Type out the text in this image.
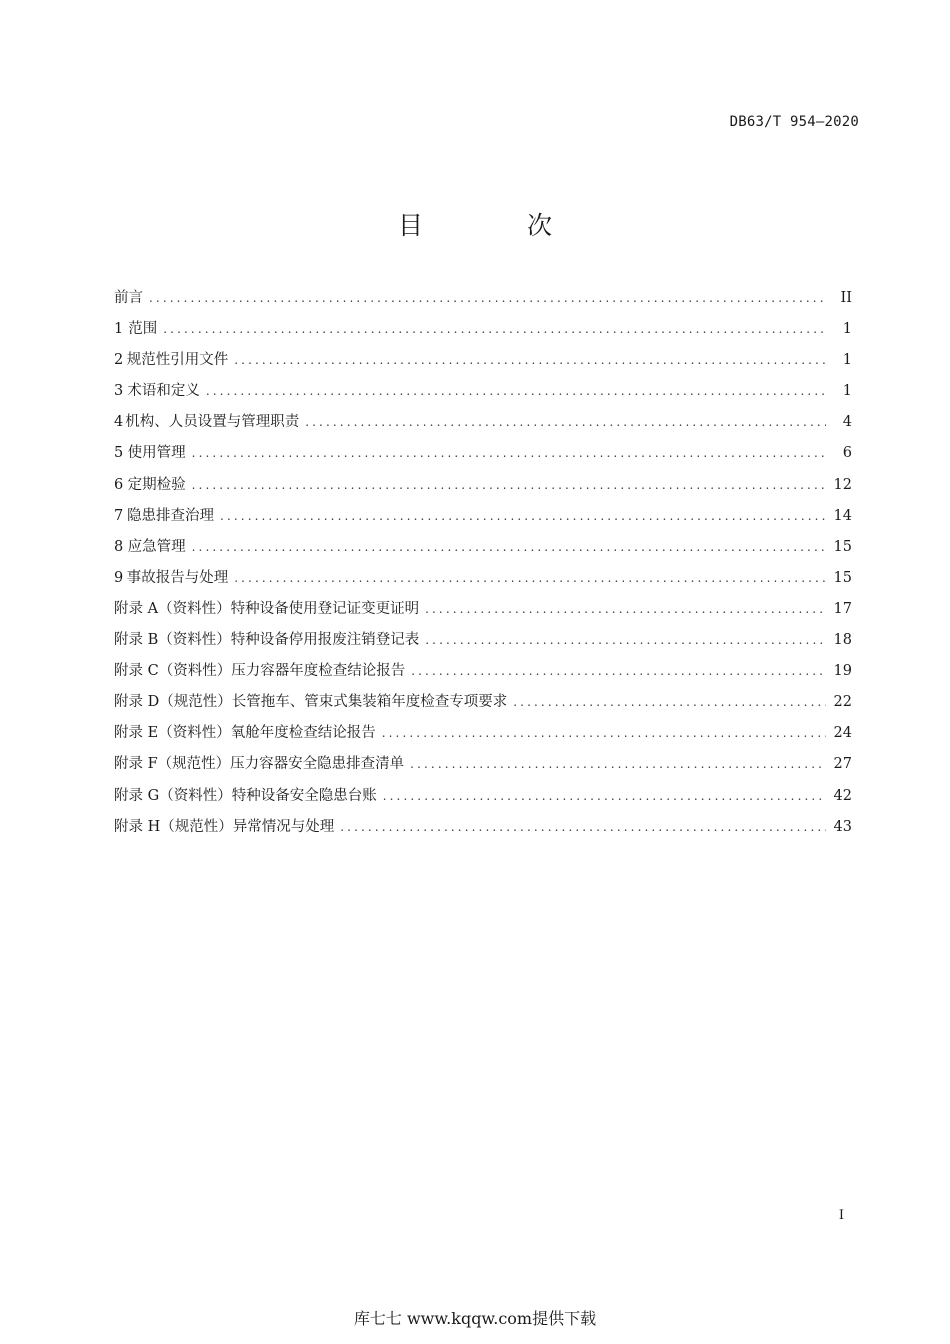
DB63/T 954—2020
目 次
前言 .....	II
1 范围 .....	1
2 规范性引用文件 .....	1
3 术语和定义 .....	1
4 机构、人员设置与管理职责 .....	4
5 使用管理 .....	6
6 定期检验 .....	12
7 隐患排查治理 .....	14
8 应急管理 .....	15
9 事故报告与处理 .....	15
附录 A （资料性） 特种设备使用登记证变更证明 .....	17
附录 B （资料性） 特种设备停用报废注销登记表 .....	18
附录 C （资料性） 压力容器年度检查结论报告 .....	19
附录 D （规范性） 长管拖车、管束式集装箱年度检查专项要求 .....	22
附录 E （资料性） 氧舱年度检查结论报告 .....	24
附录 F （规范性） 压力容器安全隐患排查清单 .....	27
附录 G （资料性） 特种设备安全隐患台账 .....	42
附录 H （规范性） 异常情况与处理 .....	43
I
库七七 www.kqqw.com提供下载
